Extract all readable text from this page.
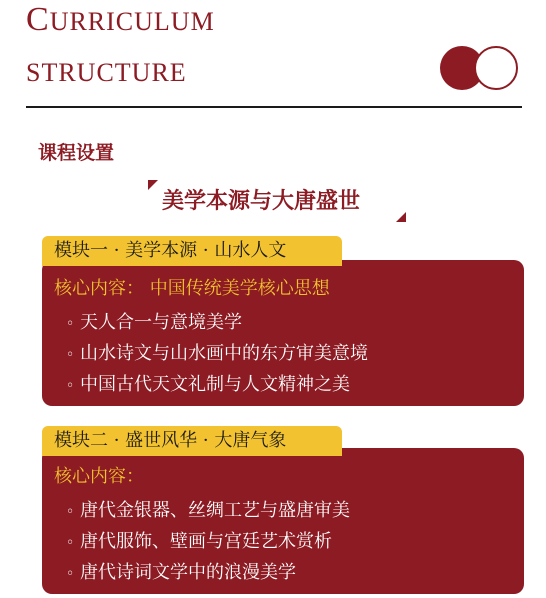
CURRICULUM
STRUCTURE
课程设置
美学本源与大唐盛世
核心内容： 中国传统美学核心思想
◦ 天人合一与意境美学
◦ 山水诗文与山水画中的东方审美意境
◦ 中国古代天文礼制与人文精神之美
模块一 · 美学本源 · 山水人文
核心内容：
◦ 唐代金银器、丝绸工艺与盛唐审美
◦ 唐代服饰、壁画与宫廷艺术赏析
◦ 唐代诗词文学中的浪漫美学
模块二 · 盛世风华 · 大唐气象
